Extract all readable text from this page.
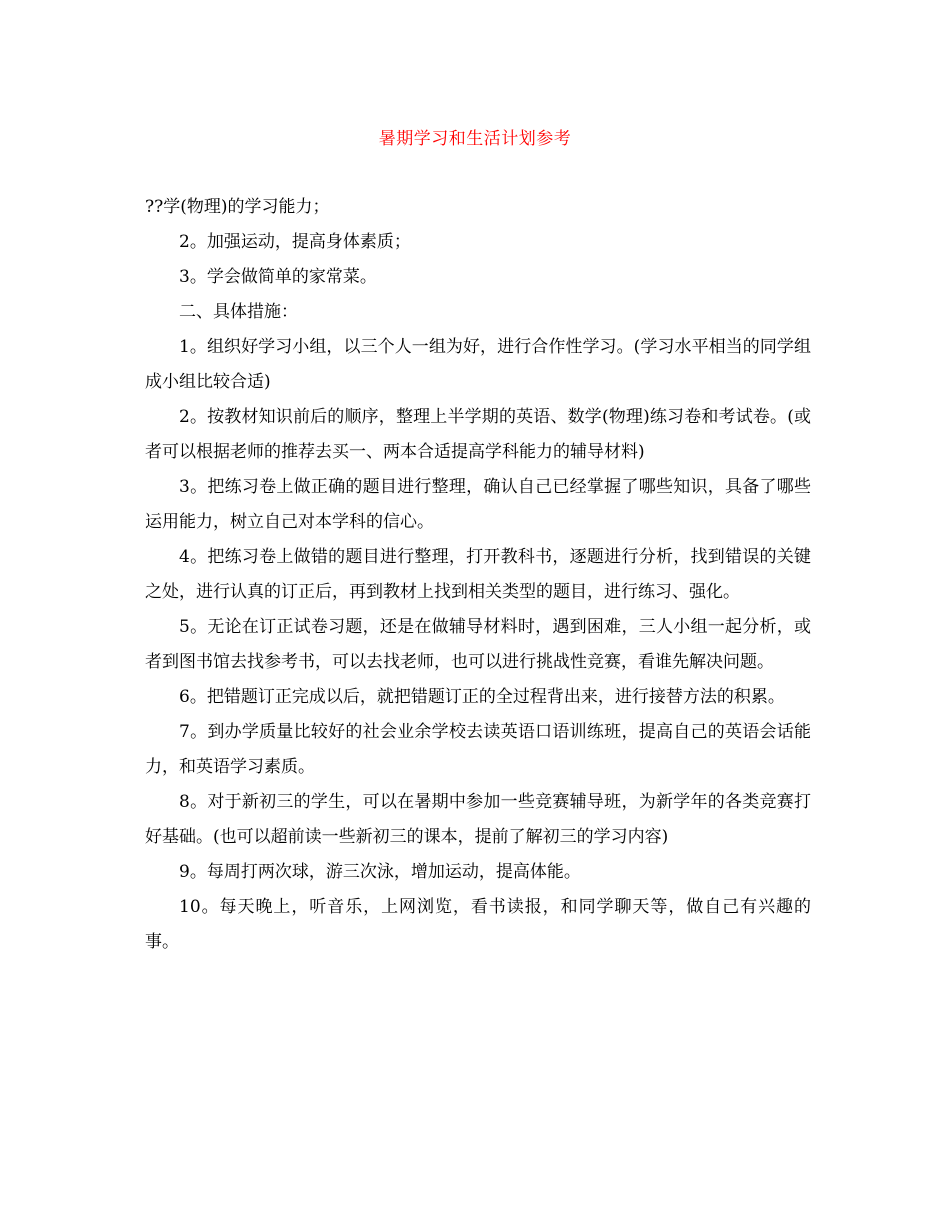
暑期学习和生活计划参考

??学(物理)的学习能力；

2。加强运动，提高身体素质；

3。学会做简单的家常菜。

二、具体措施：

1。组织好学习小组，以三个人一组为好，进行合作性学习。(学习水平相当的同学组成小组比较合适)

2。按教材知识前后的顺序，整理上半学期的英语、数学(物理)练习卷和考试卷。(或者可以根据老师的推荐去买一、两本合适提高学科能力的辅导材料)

3。把练习卷上做正确的题目进行整理，确认自己已经掌握了哪些知识，具备了哪些运用能力，树立自己对本学科的信心。

4。把练习卷上做错的题目进行整理，打开教科书，逐题进行分析，找到错误的关键之处，进行认真的订正后，再到教材上找到相关类型的题目，进行练习、强化。

5。无论在订正试卷习题，还是在做辅导材料时，遇到困难，三人小组一起分析，或者到图书馆去找参考书，可以去找老师，也可以进行挑战性竞赛，看谁先解决问题。

6。把错题订正完成以后，就把错题订正的全过程背出来，进行接替方法的积累。

7。到办学质量比较好的社会业余学校去读英语口语训练班，提高自己的英语会话能力，和英语学习素质。

8。对于新初三的学生，可以在暑期中参加一些竞赛辅导班，为新学年的各类竞赛打好基础。(也可以超前读一些新初三的课本，提前了解初三的学习内容)

9。每周打两次球，游三次泳，增加运动，提高体能。

10。每天晚上，听音乐，上网浏览，看书读报，和同学聊天等，做自己有兴趣的事。
